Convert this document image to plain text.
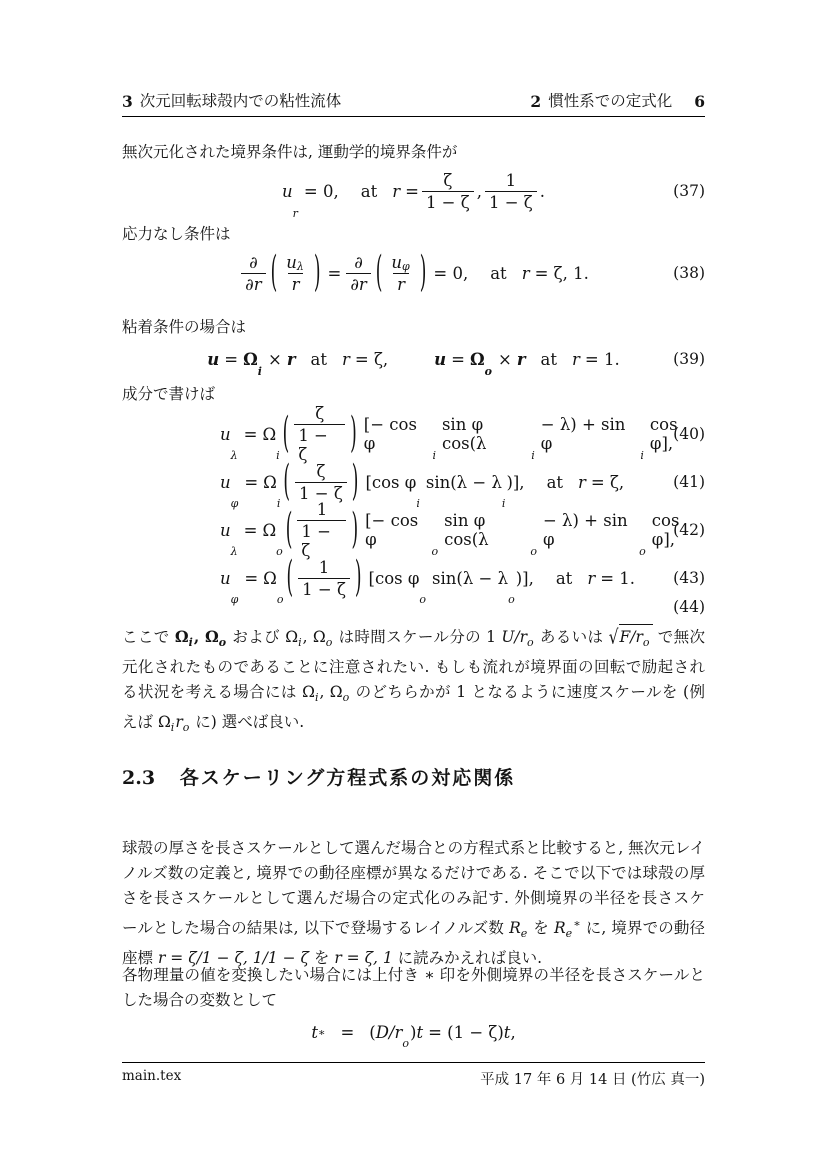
3 次元回転球殻内での粘性流体	2 慣性系での定式化 6
無次元化された境界条件は, 運動学的境界条件が
u
r
= 0, at $r = \frac{\zeta}{1 - \zeta}$ , $\frac{1}{1 - \zeta}$ .	(37)
応力なし条件は
$\frac{\partial}{\partial r}$ ( $\frac{\text{u λ}}{r}$ ) = $\frac{\partial}{\partial r}$ ( $\frac{\text{u φ}}{r}$ ) = 0, at r = ζ, 1.	(38)
粘着条件の場合は
u = Ω
i
× r at r = ζ,	u = Ω
o
× r at r = 1.	(39)
成分で書けば
u
λ
= Ω
i ( $\frac{\zeta}{1 - \zeta}$ ) [− cos φ
i
sin φ cos(λ
i
− λ) + sin φ
i
cos φ], (40)
u
φ
= Ω
i ( $\frac{\zeta}{1 - \zeta}$ ) [cos φ
i
sin(λ − λ
i
)], at r = ζ,	(41)
u
λ
= Ω
o ( $\frac{1}{1 - \zeta}$ ) [− cos φ
o
sin φ cos(λ
o
− λ) + sin φ
o
cos φ],
(42)
u
φ
= Ω
o ( $\frac{1}{1 - \zeta}$ ) [cos φ
o
sin(λ − λ
o
)], at r = 1. (43)
(44)
ここで Ωi, Ωo および Ωi, Ωo は時間スケール分の 1 U/ro あるいは √F/ro で無次元化されたものであることに注意されたい. もしも流れが境界面の回転で励起される状況を考える場合には Ωi, Ωo のどちらかが 1 となるように速度スケールを (例えば Ωiro に) 選べば良い.
2.3 各スケーリング方程式系の対応関係
球殻の厚さを長さスケールとして選んだ場合との方程式系と比較すると, 無次元レイノルズ数の定義と, 境界での動径座標が異なるだけである. そこで以下では球殻の厚さを長さスケールとして選んだ場合の定式化のみ記す. 外側境界の半径を長さスケールとした場合の結果は, 以下で登場するレイノルズ数 Re を Re∗ に, 境界での動径座標 r = ζ/1 − ζ, 1/1 − ζ を r = ζ, 1 に読みかえれば良い.
各物理量の値を変換したい場合には上付き ∗ 印を外側境界の半径を長さスケールとした場合の変数として
t ∗ = ( D/r
o
) t = (1 − ζ) t ,
main.tex	平成 17 年 6 月 14 日 (竹広 真一)
